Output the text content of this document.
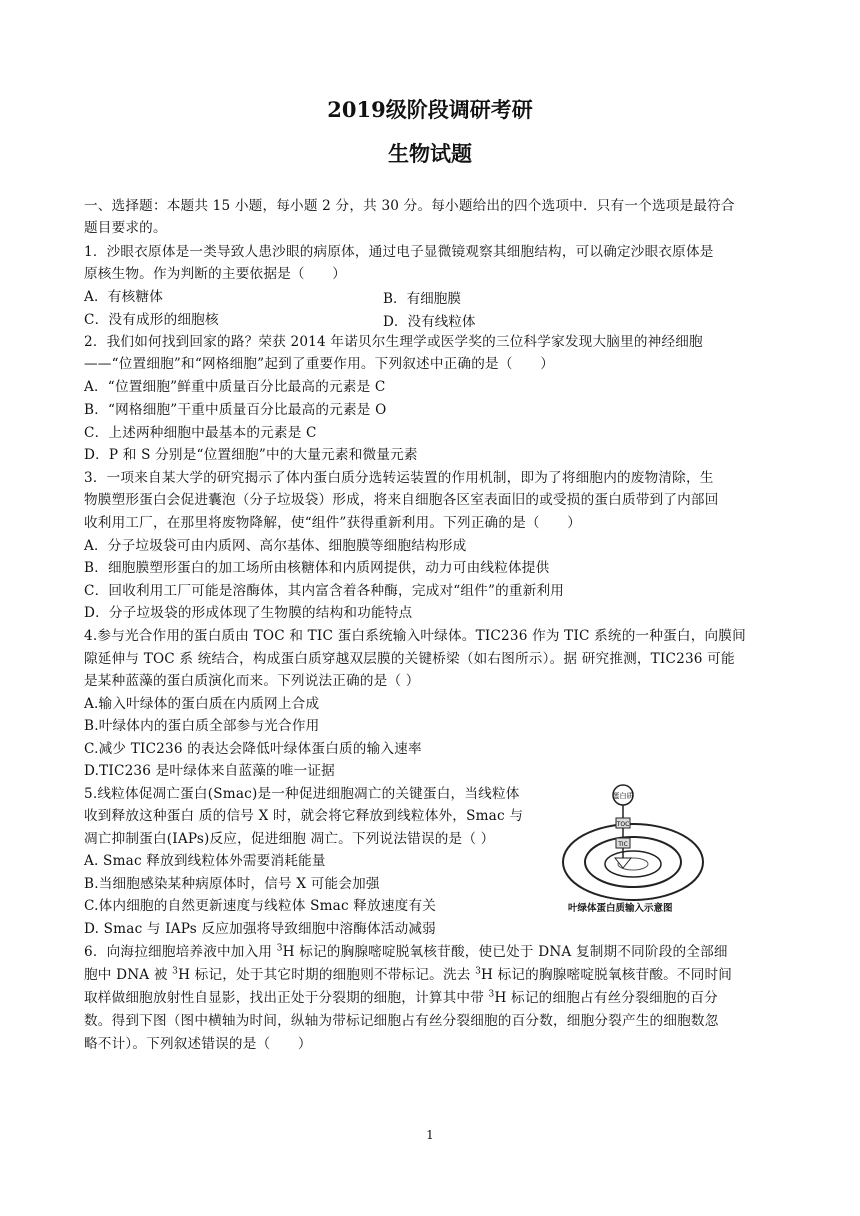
2019级阶段调研考研
生物试题
一、选择题：本题共 15 小题，每小题 2 分，共 30 分。每小题给出的四个选项中．只有一个选项是最符合
题目要求的。
1．沙眼衣原体是一类导致人患沙眼的病原体，通过电子显微镜观察其细胞结构，可以确定沙眼衣原体是
原核生物。作为判断的主要依据是（　　）
A．有核糖体	B．有细胞膜
C．没有成形的细胞核	D．没有线粒体
2．我们如何找到回家的路？荣获 2014 年诺贝尔生理学或医学奖的三位科学家发现大脑里的神经细胞
——“位置细胞”和“网格细胞”起到了重要作用。下列叙述中正确的是（　　）
A．“位置细胞”鲜重中质量百分比最高的元素是 C
B．“网格细胞”干重中质量百分比最高的元素是 O
C．上述两种细胞中最基本的元素是 C
D．P 和 S 分别是“位置细胞”中的大量元素和微量元素
3．一项来自某大学的研究揭示了体内蛋白质分选转运装置的作用机制，即为了将细胞内的废物清除，生
物膜塑形蛋白会促进囊泡（分子垃圾袋）形成，将来自细胞各区室表面旧的或受损的蛋白质带到了内部回
收利用工厂，在那里将废物降解，使“组件”获得重新利用。下列正确的是（　　）
A．分子垃圾袋可由内质网、高尔基体、细胞膜等细胞结构形成
B．细胞膜塑形蛋白的加工场所由核糖体和内质网提供，动力可由线粒体提供
C．回收利用工厂可能是溶酶体，其内富含着各种酶，完成对“组件”的重新利用
D．分子垃圾袋的形成体现了生物膜的结构和功能特点
4.参与光合作用的蛋白质由 TOC 和 TIC 蛋白系统输入叶绿体。TIC236 作为 TIC 系统的一种蛋白，向膜间
隙延伸与 TOC 系 统结合，构成蛋白质穿越双层膜的关键桥梁（如右图所示）。据 研究推测，TIC236 可能
是某种蓝藻的蛋白质演化而来。下列说法正确的是（ ）
A.输入叶绿体的蛋白质在内质网上合成
B.叶绿体内的蛋白质全部参与光合作用
C.减少 TIC236 的表达会降低叶绿体蛋白质的输入速率
D.TIC236 是叶绿体来自蓝藻的唯一证据
5.线粒体促凋亡蛋白(Smac)是一种促进细胞凋亡的关键蛋白，当线粒体
收到释放这种蛋白 质的信号 X 时，就会将它释放到线粒体外，Smac 与
凋亡抑制蛋白(IAPs)反应，促进细胞 凋亡。下列说法错误的是（ ）
A. Smac 释放到线粒体外需要消耗能量
B.当细胞感染某种病原体时，信号 X 可能会加强
C.体内细胞的自然更新速度与线粒体 Smac 释放速度有关
D. Smac 与 IAPs 反应加强将导致细胞中溶酶体活动减弱
蛋白质
TOC
TIC
叶绿体蛋白质输入示意图
6．向海拉细胞培养液中加入用 $^3$H 标记的胸腺嘧啶脱氧核苷酸，使已处于 DNA 复制期不同阶段的全部细
胞中 DNA 被 $^3$H 标记，处于其它时期的细胞则不带标记。洗去 $^3$H 标记的胸腺嘧啶脱氧核苷酸。不同时间
取样做细胞放射性自显影，找出正处于分裂期的细胞，计算其中带 $^3$H 标记的细胞占有丝分裂细胞的百分
数。得到下图（图中横轴为时间，纵轴为带标记细胞占有丝分裂细胞的百分数，细胞分裂产生的细胞数忽
略不计）。下列叙述错误的是（　　）
1
